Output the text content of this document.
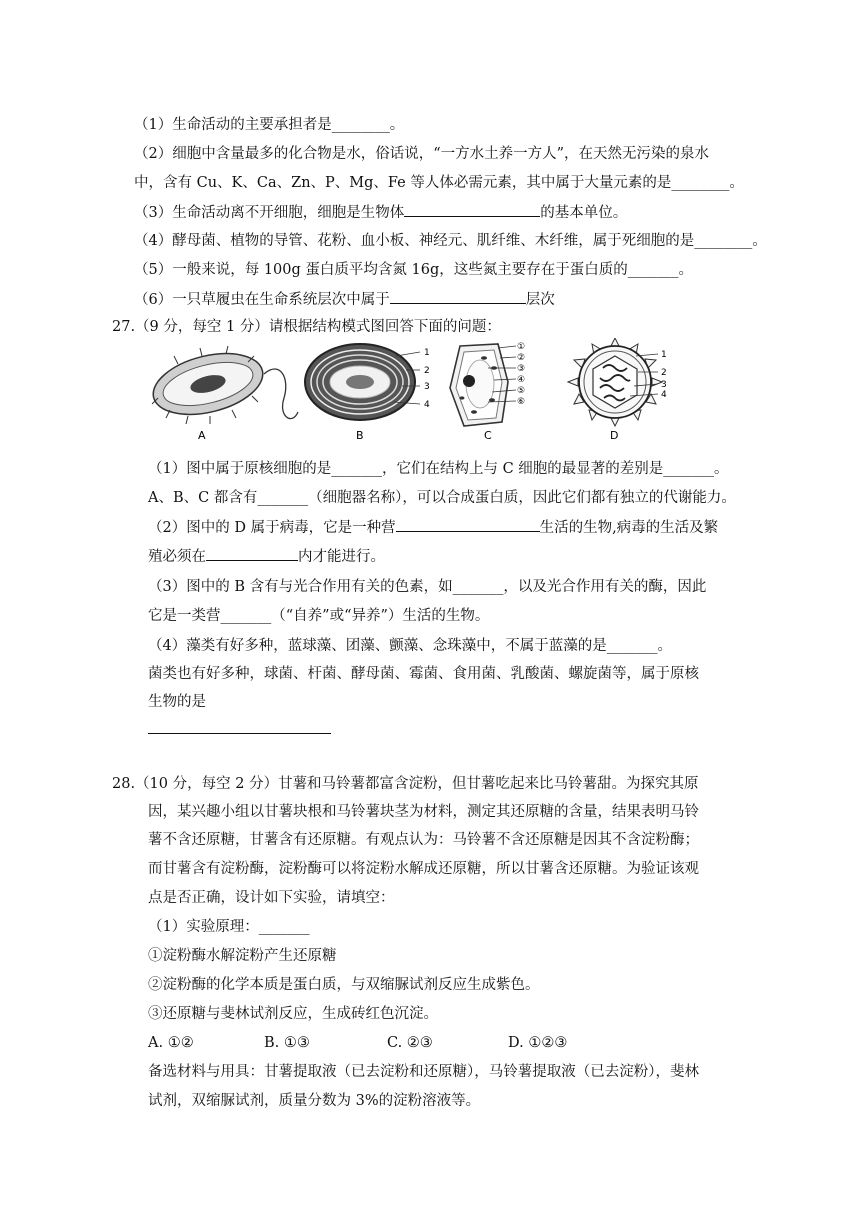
（1）生命活动的主要承担者是________。
（2）细胞中含量最多的化合物是水，俗话说，“一方水土养一方人”，在天然无污染的泉水
中，含有 Cu、K、Ca、Zn、P、Mg、Fe 等人体必需元素，其中属于大量元素的是________。
（3）生命活动离不开细胞，细胞是生物体	的基本单位。
（4）酵母菌、植物的导管、花粉、血小板、神经元、肌纤维、木纤维，属于死细胞的是________。
（5）一般来说，每 100g 蛋白质平均含氮 16g，这些氮主要存在于蛋白质的_______。
（6）一只草履虫在生命系统层次中属于	层次
27.（9 分，每空 1 分）请根据结构模式图回答下面的问题：
A
1
2
3
4
B
①
②
③
④
⑤
⑥
C
1
2
3
4
D
（1）图中属于原核细胞的是_______，它们在结构上与 C 细胞的最显著的差别是_______。
A、B、C 都含有_______（细胞器名称），可以合成蛋白质，因此它们都有独立的代谢能力。
（2）图中的 D 属于病毒，它是一种营	生活的生物,病毒的生活及繁
殖必须在	内才能进行。
（3）图中的 B 含有与光合作用有关的色素，如_______，以及光合作用有关的酶，因此
它是一类营_______（“自养”或“异养”）生活的生物。
（4）藻类有好多种，蓝球藻、团藻、颤藻、念珠藻中，不属于蓝藻的是_______。
菌类也有好多种，球菌、杆菌、酵母菌、霉菌、食用菌、乳酸菌、螺旋菌等，属于原核
生物的是
28.（10 分，每空 2 分）甘薯和马铃薯都富含淀粉，但甘薯吃起来比马铃薯甜。为探究其原
因，某兴趣小组以甘薯块根和马铃薯块茎为材料，测定其还原糖的含量，结果表明马铃
薯不含还原糖，甘薯含有还原糖。有观点认为：马铃薯不含还原糖是因其不含淀粉酶；
而甘薯含有淀粉酶，淀粉酶可以将淀粉水解成还原糖，所以甘薯含还原糖。为验证该观
点是否正确，设计如下实验，请填空：
（1）实验原理：_______
①淀粉酶水解淀粉产生还原糖
②淀粉酶的化学本质是蛋白质，与双缩脲试剂反应生成紫色。
③还原糖与斐林试剂反应，生成砖红色沉淀。
A. ①②	B. ①③	C. ②③	D. ①②③
备选材料与用具：甘薯提取液（已去淀粉和还原糖），马铃薯提取液（已去淀粉），斐林
试剂，双缩脲试剂，质量分数为 3%的淀粉溶液等。
